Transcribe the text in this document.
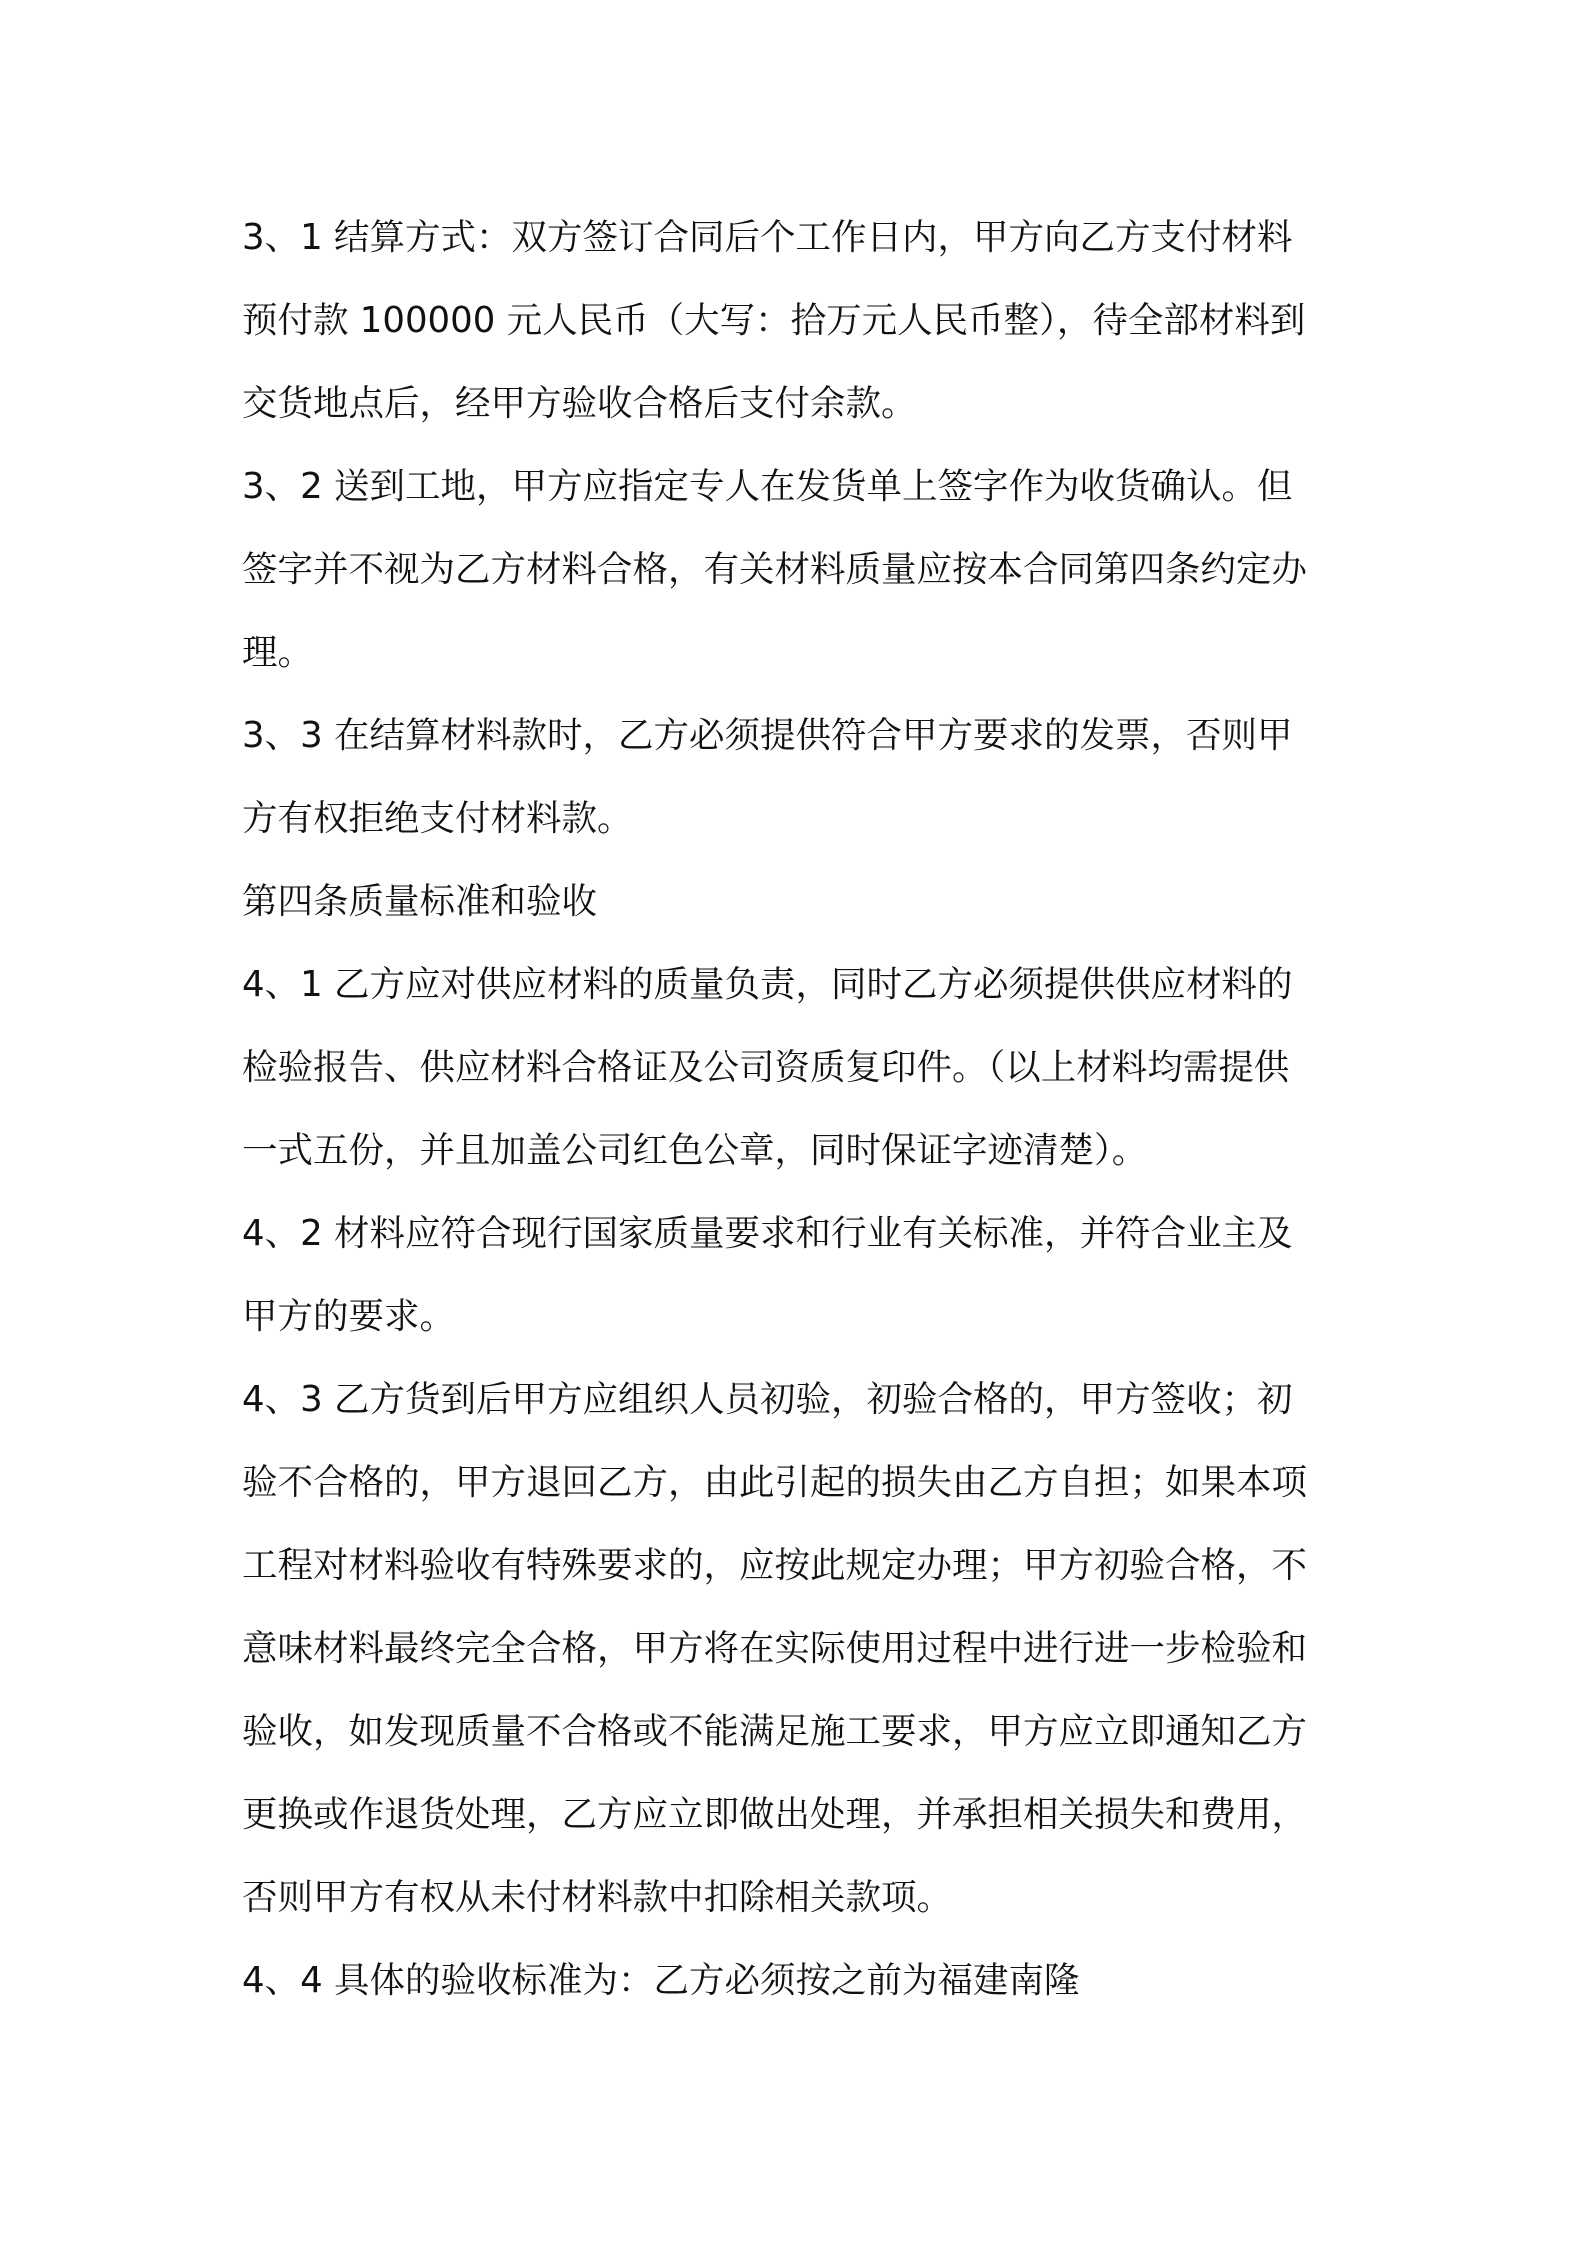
3、1 结算方式：双方签订合同后个工作日内，甲方向乙方支付材料
预付款 100000 元人民币（大写：拾万元人民币整），待全部材料到
交货地点后，经甲方验收合格后支付余款。
3、2 送到工地，甲方应指定专人在发货单上签字作为收货确认。但
签字并不视为乙方材料合格，有关材料质量应按本合同第四条约定办
理。
3、3 在结算材料款时，乙方必须提供符合甲方要求的发票，否则甲
方有权拒绝支付材料款。
第四条质量标准和验收
4、1 乙方应对供应材料的质量负责，同时乙方必须提供供应材料的
检验报告、供应材料合格证及公司资质复印件。（以上材料均需提供
一式五份，并且加盖公司红色公章，同时保证字迹清楚）。
4、2 材料应符合现行国家质量要求和行业有关标准，并符合业主及
甲方的要求。
4、3 乙方货到后甲方应组织人员初验，初验合格的，甲方签收；初
验不合格的，甲方退回乙方，由此引起的损失由乙方自担；如果本项
工程对材料验收有特殊要求的，应按此规定办理；甲方初验合格，不
意味材料最终完全合格，甲方将在实际使用过程中进行进一步检验和
验收，如发现质量不合格或不能满足施工要求，甲方应立即通知乙方
更换或作退货处理，乙方应立即做出处理，并承担相关损失和费用，
否则甲方有权从未付材料款中扣除相关款项。
4、4 具体的验收标准为：乙方必须按之前为福建南隆
